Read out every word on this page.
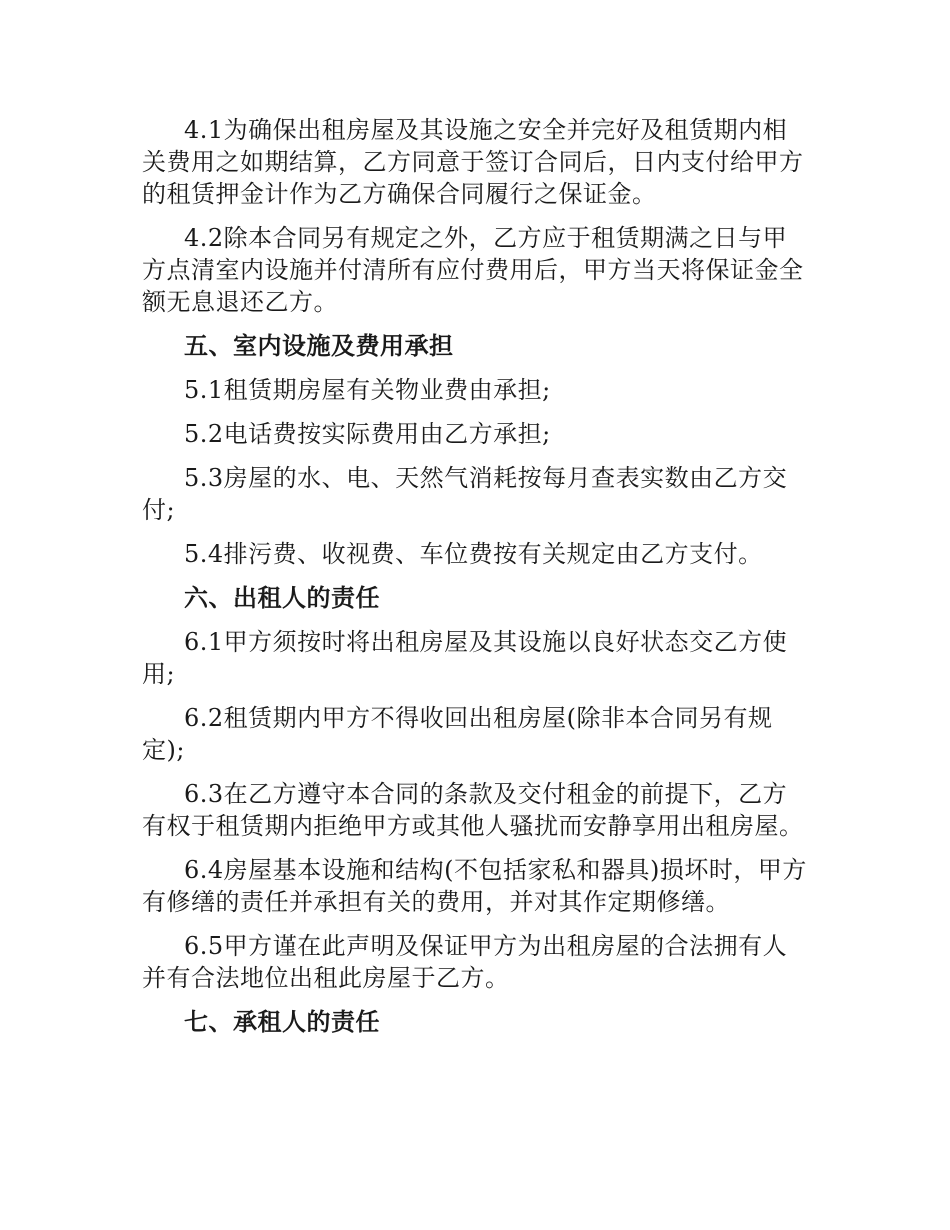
4.1为确保出租房屋及其设施之安全并完好及租赁期内相关费用之如期结算，乙方同意于签订合同后，日内支付给甲方的租赁押金计作为乙方确保合同履行之保证金。

4.2除本合同另有规定之外，乙方应于租赁期满之日与甲方点清室内设施并付清所有应付费用后，甲方当天将保证金全额无息退还乙方。

五、室内设施及费用承担

5.1租赁期房屋有关物业费由承担;

5.2电话费按实际费用由乙方承担;

5.3房屋的水、电、天然气消耗按每月查表实数由乙方交付;

5.4排污费、收视费、车位费按有关规定由乙方支付。

六、出租人的责任

6.1甲方须按时将出租房屋及其设施以良好状态交乙方使用;

6.2租赁期内甲方不得收回出租房屋(除非本合同另有规定);

6.3在乙方遵守本合同的条款及交付租金的前提下，乙方有权于租赁期内拒绝甲方或其他人骚扰而安静享用出租房屋。

6.4房屋基本设施和结构(不包括家私和器具)损坏时，甲方有修缮的责任并承担有关的费用，并对其作定期修缮。

6.5甲方谨在此声明及保证甲方为出租房屋的合法拥有人并有合法地位出租此房屋于乙方。

七、承租人的责任
